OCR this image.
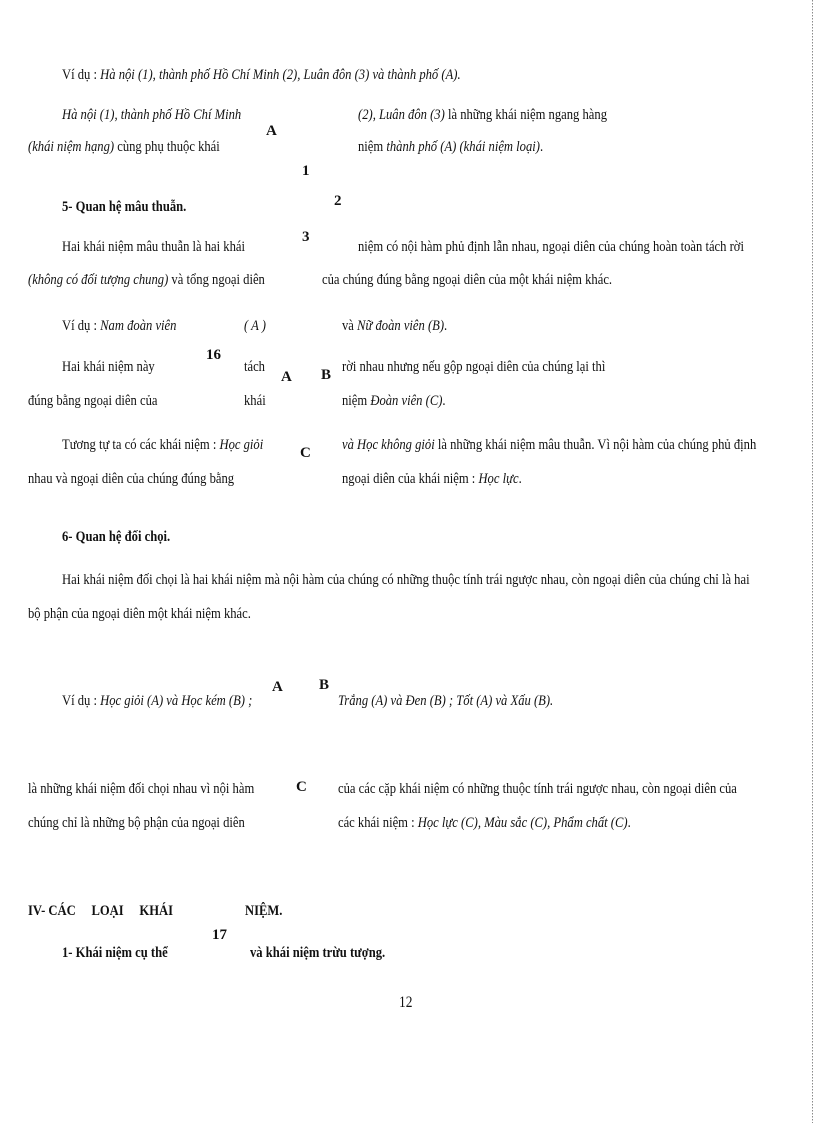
Ví dụ : Hà nội (1), thành phố Hồ Chí Minh (2), Luân đôn (3) và thành phố (A).
Hà nội (1), thành phố Hồ Chí Minh
A
(2), Luân đôn (3) là những khái niệm ngang hàng
(khái niệm hạng) cùng phụ thuộc khái	niệm thành phố (A) (khái niệm loại).
1
5- Quan hệ mâu thuẫn.	2
3
Hai khái niệm mâu thuẫn là hai khái	niệm có nội hàm phủ định lẫn nhau, ngoại diên của chúng hoàn toàn tách rời
(không có đối tượng chung) và tổng ngoại diên	của chúng đúng bằng ngoại diên của một khái niệm khác.
Ví dụ : Nam đoàn viên	( A )	và Nữ đoàn viên (B).
16
Hai khái niệm này	tách
A B rời nhau nhưng nếu gộp ngoại diên của chúng lại thì
đúng bằng ngoại diên của	khái	niệm Đoàn viên (C).
Tương tự ta có các khái niệm : Học giỏi C và Học không giỏi là những khái niệm mâu thuẫn. Vì nội hàm của chúng phủ định
nhau và ngoại diên của chúng đúng bằng	ngoại diên của khái niệm : Học lực.
6- Quan hệ đối chọi.
Hai khái niệm đối chọi là hai khái niệm mà nội hàm của chúng có những thuộc tính trái ngược nhau, còn ngoại diên của chúng chỉ là hai
bộ phận của ngoại diên một khái niệm khác.
A B
Ví dụ : Học giỏi (A) và Học kém (B) ;	Trắng (A) và Đen (B) ; Tốt (A) và Xấu (B).
là những khái niệm đối chọi nhau vì nội hàm	C của các cặp khái niệm có những thuộc tính trái ngược nhau, còn ngoại diên của
chúng chỉ là những bộ phận của ngoại diên	các khái niệm : Học lực (C), Màu sắc (C), Phẩm chất (C).
IV- CÁC     LOẠI     KHÁI	NIỆM.
17
1- Khái niệm cụ thể	và khái niệm trừu tượng.
12
